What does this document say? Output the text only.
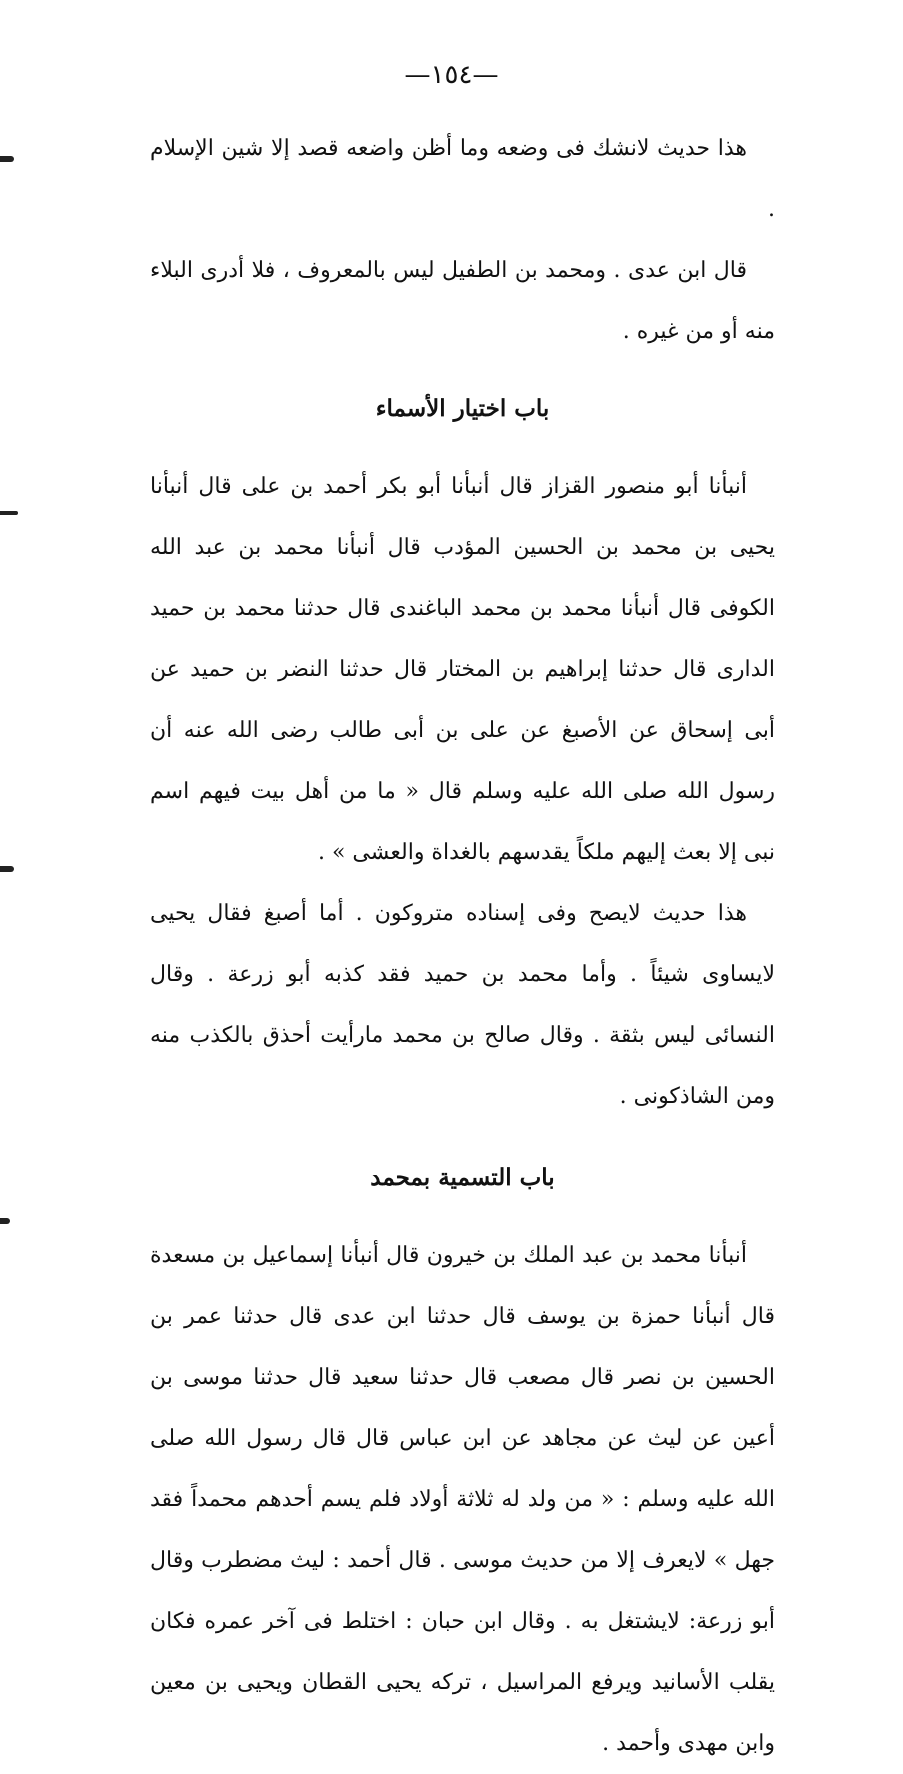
—١٥٤—

هذا حديث لانشك فى وضعه وما أظن واضعه قصد إلا شين الإسلام .

قال ابن عدى . ومحمد بن الطفيل ليس بالمعروف ، فلا أدرى البلاء منه أو من غيره .

باب اختيار الأسماء

أنبأنا أبو منصور القزاز قال أنبأنا أبو بكر أحمد بن على قال أنبأنا يحيى بن محمد بن الحسين المؤدب قال أنبأنا محمد بن عبد الله الكوفى قال أنبأنا محمد بن محمد الباغندى قال حدثنا محمد بن حميد الدارى قال حدثنا إبراهيم بن المختار قال حدثنا النضر بن حميد عن أبى إسحاق عن الأصبغ عن على بن أبى طالب رضى الله عنه أن رسول الله صلى الله عليه وسلم قال « ما من أهل بيت فيهم اسم نبى إلا بعث إليهم ملكاً يقدسهم بالغداة والعشى » .

هذا حديث لايصح وفى إسناده متروكون . أما أصبغ فقال يحيى لايساوى شيئاً . وأما محمد بن حميد فقد كذبه أبو زرعة . وقال النسائى ليس بثقة . وقال صالح بن محمد مارأيت أحذق بالكذب منه ومن الشاذكونى .

باب التسمية بمحمد

أنبأنا محمد بن عبد الملك بن خيرون قال أنبأنا إسماعيل بن مسعدة قال أنبأنا حمزة بن يوسف قال حدثنا ابن عدى قال حدثنا عمر بن الحسين بن نصر قال مصعب قال حدثنا سعيد قال حدثنا موسى بن أعين عن ليث عن مجاهد عن ابن عباس قال قال رسول الله صلى الله عليه وسلم : « من ولد له ثلاثة أولاد فلم يسم أحدهم محمداً فقد جهل » لايعرف إلا من حديث موسى . قال أحمد : ليث مضطرب وقال أبو زرعة: لايشتغل به . وقال ابن حبان : اختلط فى آخر عمره فكان يقلب الأسانيد ويرفع المراسيل ، تركه يحيى القطان ويحيى بن معين وابن مهدى وأحمد .
